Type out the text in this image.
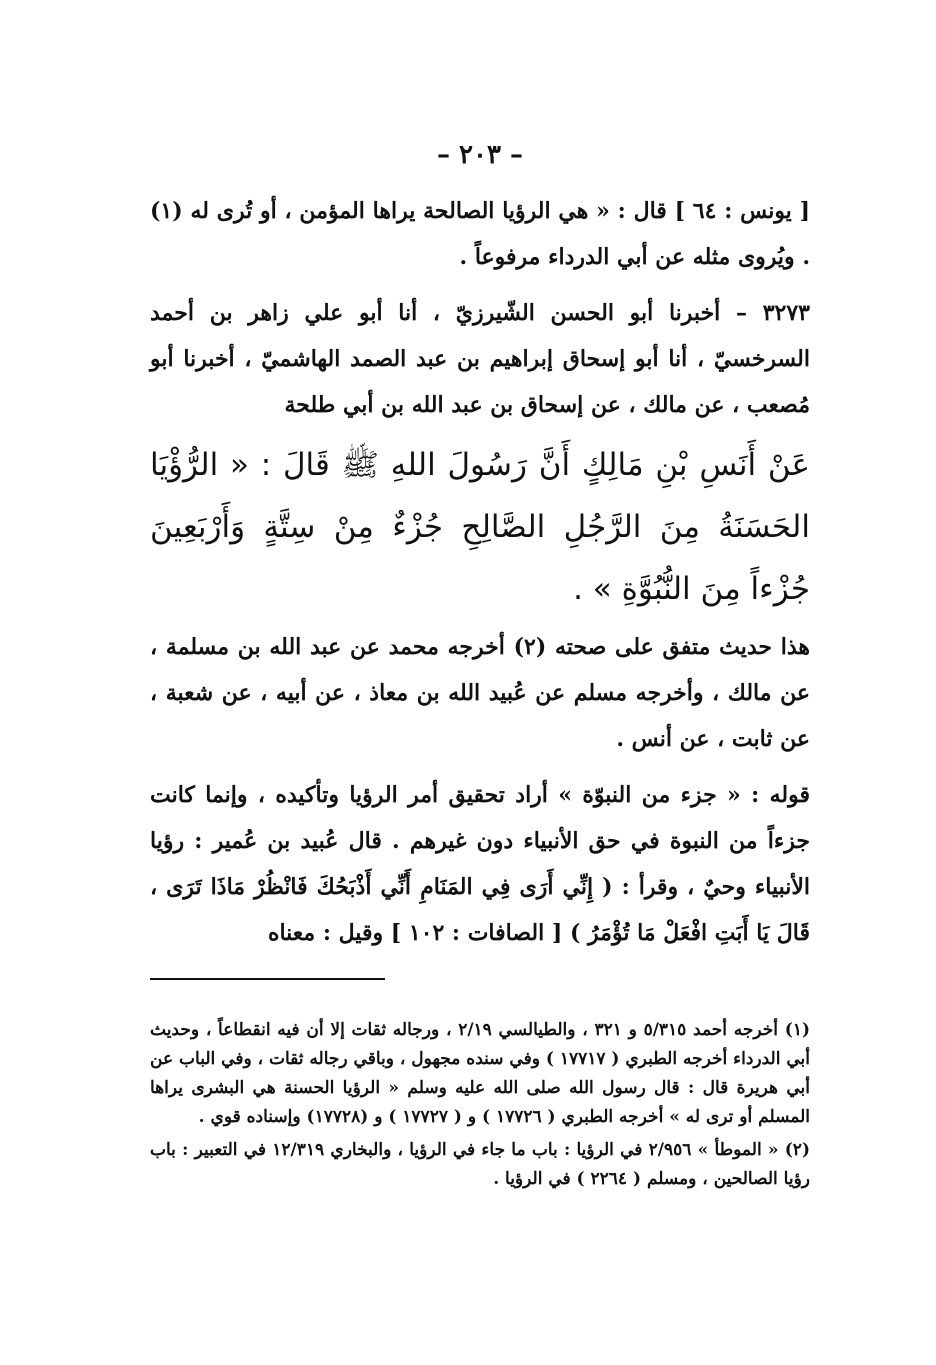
– ٢٠٣ –

[ يونس : ٦٤ ] قال : « هي الرؤيا الصالحة يراها المؤمن ، أو تُرى له (١) . ويُروى مثله عن أبي الدرداء مرفوعاً .

٣٢٧٣ – أخبرنا أبو الحسن الشّيرزيّ ، أنا أبو علي زاهر بن أحمد السرخسيّ ، أنا أبو إسحاق إبراهيم بن عبد الصمد الهاشميّ ، أخبرنا أبو مُصعب ، عن مالك ، عن إسحاق بن عبد الله بن أبي طلحة

عَنْ أَنَسِ بْنِ مَالِكٍ أَنَّ رَسُولَ اللهِ ﷺ قَالَ : « الرُّؤْيَا الحَسَنَةُ مِنَ الرَّجُلِ الصَّالِحِ جُزْءٌ مِنْ سِتَّةٍ وَأَرْبَعِينَ جُزْءاً مِنَ النُّبُوَّةِ » .

هذا حديث متفق على صحته (٢) أخرجه محمد عن عبد الله بن مسلمة ، عن مالك ، وأخرجه مسلم عن عُبيد الله بن معاذ ، عن أبيه ، عن شعبة ، عن ثابت ، عن أنس .

قوله : « جزء من النبوّة » أراد تحقيق أمر الرؤيا وتأكيده ، وإنما كانت جزءاً من النبوة في حق الأنبياء دون غيرهم . قال عُبيد بن عُمير : رؤيا الأنبياء وحيٌ ، وقرأ : ( إِنِّي أَرَى فِي المَنَامِ أَنِّي أَذْبَحُكَ فَانْظُرْ مَاذَا تَرَى ، قَالَ يَا أَبَتِ افْعَلْ مَا تُؤْمَرُ ) [ الصافات : ١٠٢ ] وقيل : معناه

(١) أخرجه أحمد ٥/٣١٥ و ٣٢١ ، والطيالسي ٢/١٩ ، ورجاله ثقات إلا أن فيه انقطاعاً ، وحديث أبي الدرداء أخرجه الطبري ( ١٧٧١٧ ) وفي سنده مجهول ، وباقي رجاله ثقات ، وفي الباب عن أبي هريرة قال : قال رسول الله صلى الله عليه وسلم « الرؤيا الحسنة هي البشرى يراها المسلم أو ترى له » أخرجه الطبري ( ١٧٧٢٦ ) و ( ١٧٧٢٧ ) و (١٧٧٢٨) وإسناده قوي .

(٢) « الموطأ » ٢/٩٥٦ في الرؤيا : باب ما جاء في الرؤيا ، والبخاري ١٢/٣١٩ في التعبير : باب رؤيا الصالحين ، ومسلم ( ٢٢٦٤ ) في الرؤيا .
